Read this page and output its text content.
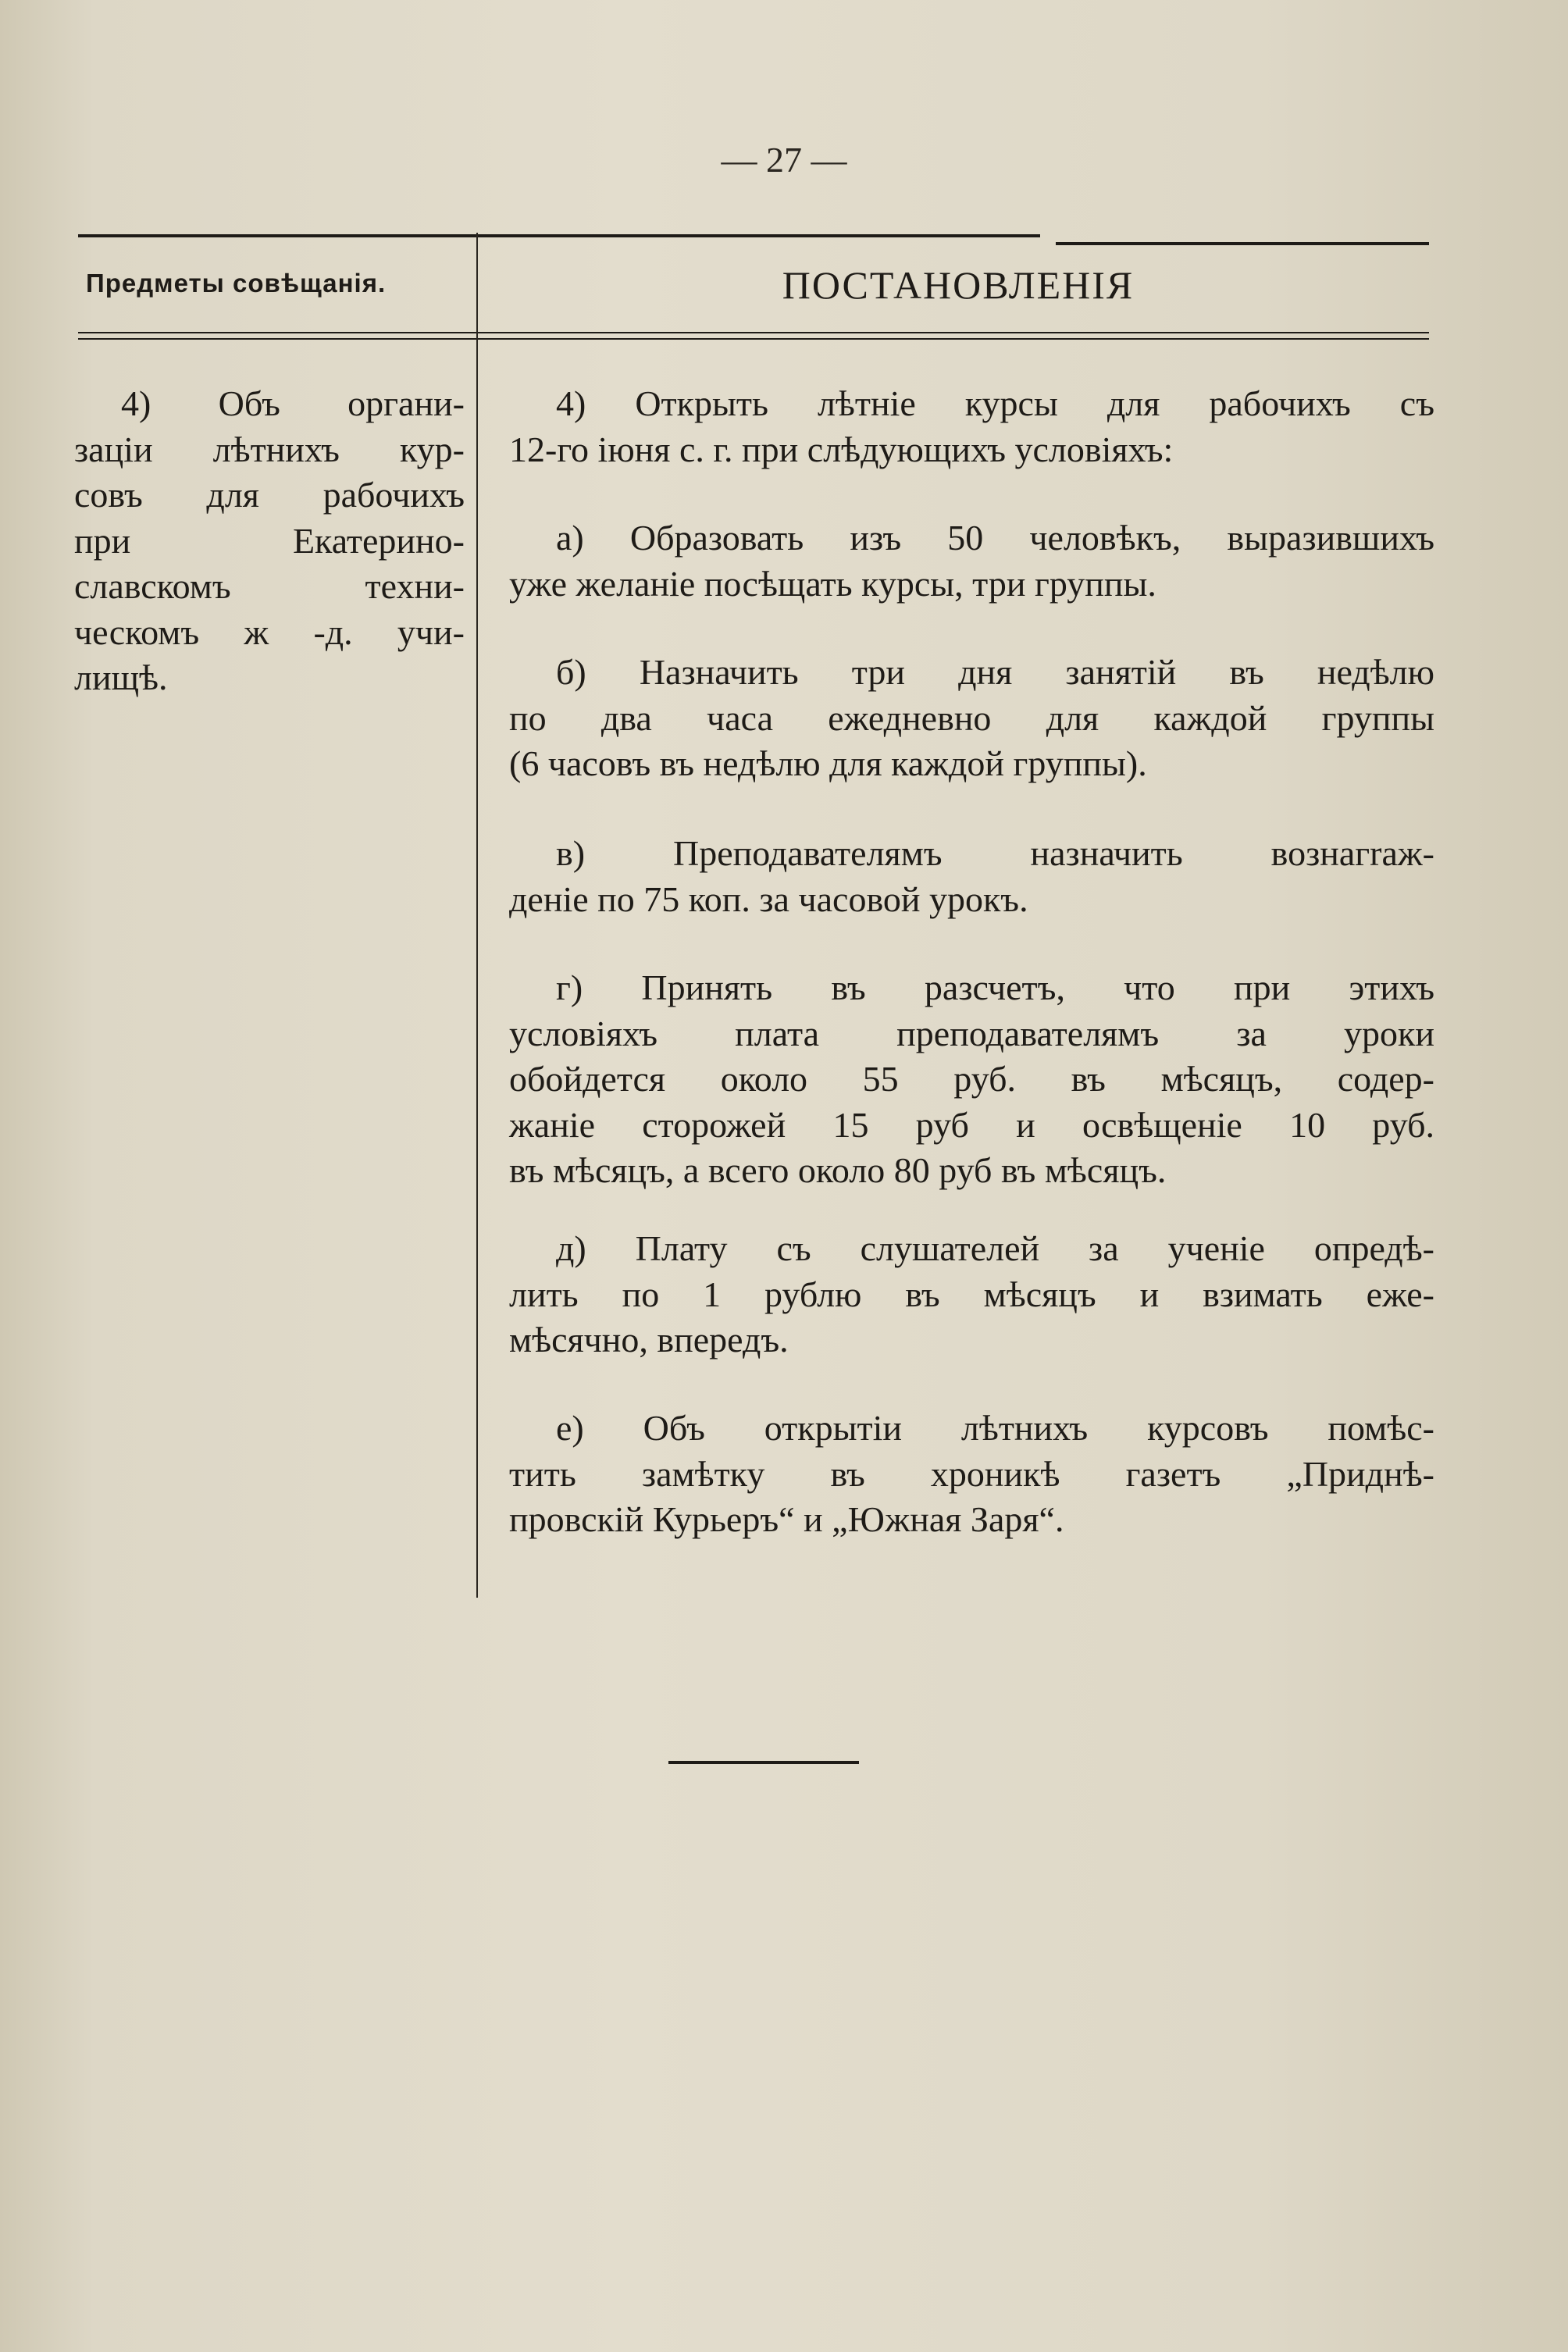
— 27 —
Предметы совѣщанія.	ПОСТАНОВЛЕНІЯ
4) Объ органи-
заціи лѣтнихъ кур-
совъ для рабочихъ
при Екатерино-
славскомъ техни-
ческомъ ж -д. учи-
лищѣ.
4) Открыть лѣтніе курсы для рабочихъ съ
12-го іюня с. г. при слѣдующихъ условіяхъ:
а) Образовать изъ 50 человѣкъ, выразившихъ
уже желаніе посѣщать курсы, три группы.
б) Назначить три дня занятій въ недѣлю
по два часа ежедневно для каждой группы
(6 часовъ въ недѣлю для каждой группы).
в) Преподавателямъ назначить вознагraж-
деніе по 75 коп. за часовой урокъ.
г) Принять въ разсчетъ, что при этихъ
условіяхъ плата преподавателямъ за уроки
обойдется около 55 руб. въ мѣсяцъ, содер-
жаніе сторожей 15 руб и освѣщеніе 10 руб.
въ мѣсяцъ, а всего около 80 руб въ мѣсяцъ.
д) Плату съ слушателей за ученіе опредѣ-
лить по 1 рублю въ мѣсяцъ и взимать еже-
мѣсячно, впередъ.
е) Объ открытіи лѣтнихъ курсовъ помѣс-
тить замѣтку въ хроникѣ газетъ „Приднѣ-
провскій Курьеръ“ и „Южная Заря“.
